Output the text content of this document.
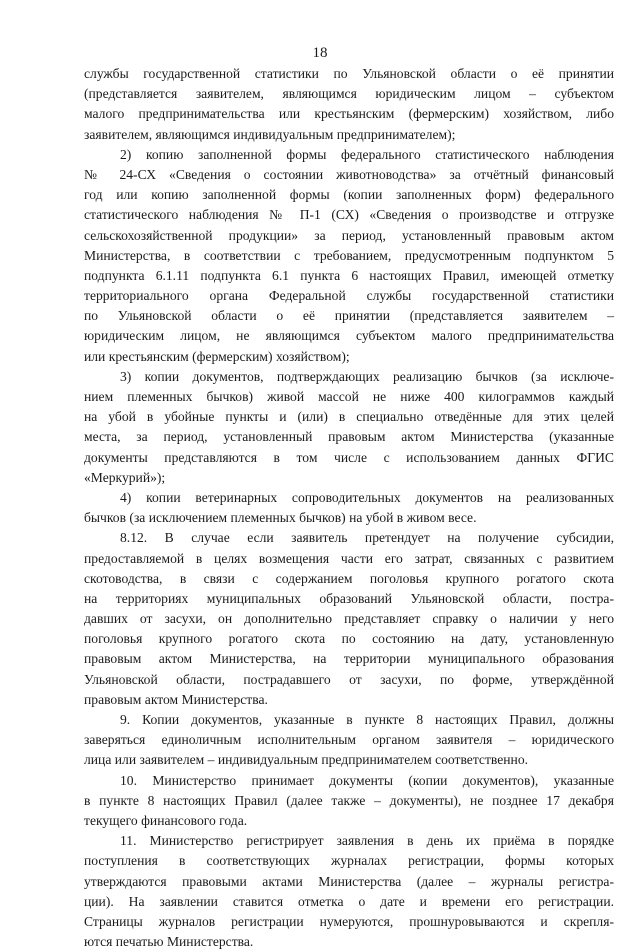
18
службы государственной статистики по Ульяновской области о её принятии
(представляется заявителем, являющимся юридическим лицом – субъектом
малого предпринимательства или крестьянским (фермерским) хозяйством, либо
заявителем, являющимся индивидуальным предпринимателем);
2) копию заполненной формы федерального статистического наблюдения
№ 24-СХ «Сведения о состоянии животноводства» за отчётный финансовый
год или копию заполненной формы (копии заполненных форм) федерального
статистического наблюдения № П-1 (СХ) «Сведения о производстве и отгрузке
сельскохозяйственной продукции» за период, установленный правовым актом
Министерства, в соответствии с требованием, предусмотренным подпунктом 5
подпункта 6.1.11 подпункта 6.1 пункта 6 настоящих Правил, имеющей отметку
территориального органа Федеральной службы государственной статистики
по Ульяновской области о её принятии (представляется заявителем –
юридическим лицом, не являющимся субъектом малого предпринимательства
или крестьянским (фермерским) хозяйством);
3) копии документов, подтверждающих реализацию бычков (за исключе-
нием племенных бычков) живой массой не ниже 400 килограммов каждый
на убой в убойные пункты и (или) в специально отведённые для этих целей
места, за период, установленный правовым актом Министерства (указанные
документы представляются в том числе с использованием данных ФГИС
«Меркурий»);
4) копии ветеринарных сопроводительных документов на реализованных
бычков (за исключением племенных бычков) на убой в живом весе.
8.12. В случае если заявитель претендует на получение субсидии,
предоставляемой в целях возмещения части его затрат, связанных с развитием
скотоводства, в связи с содержанием поголовья крупного рогатого скота
на территориях муниципальных образований Ульяновской области, постра-
давших от засухи, он дополнительно представляет справку о наличии у него
поголовья крупного рогатого скота по состоянию на дату, установленную
правовым актом Министерства, на территории муниципального образования
Ульяновской области, пострадавшего от засухи, по форме, утверждённой
правовым актом Министерства.
9. Копии документов, указанные в пункте 8 настоящих Правил, должны
заверяться единоличным исполнительным органом заявителя – юридического
лица или заявителем – индивидуальным предпринимателем соответственно.
10. Министерство принимает документы (копии документов), указанные
в пункте 8 настоящих Правил (далее также – документы), не позднее 17 декабря
текущего финансового года.
11. Министерство регистрирует заявления в день их приёма в порядке
поступления в соответствующих журналах регистрации, формы которых
утверждаются правовыми актами Министерства (далее – журналы регистра-
ции). На заявлении ставится отметка о дате и времени его регистрации.
Страницы журналов регистрации нумеруются, прошнуровываются и скрепля-
ются печатью Министерства.
